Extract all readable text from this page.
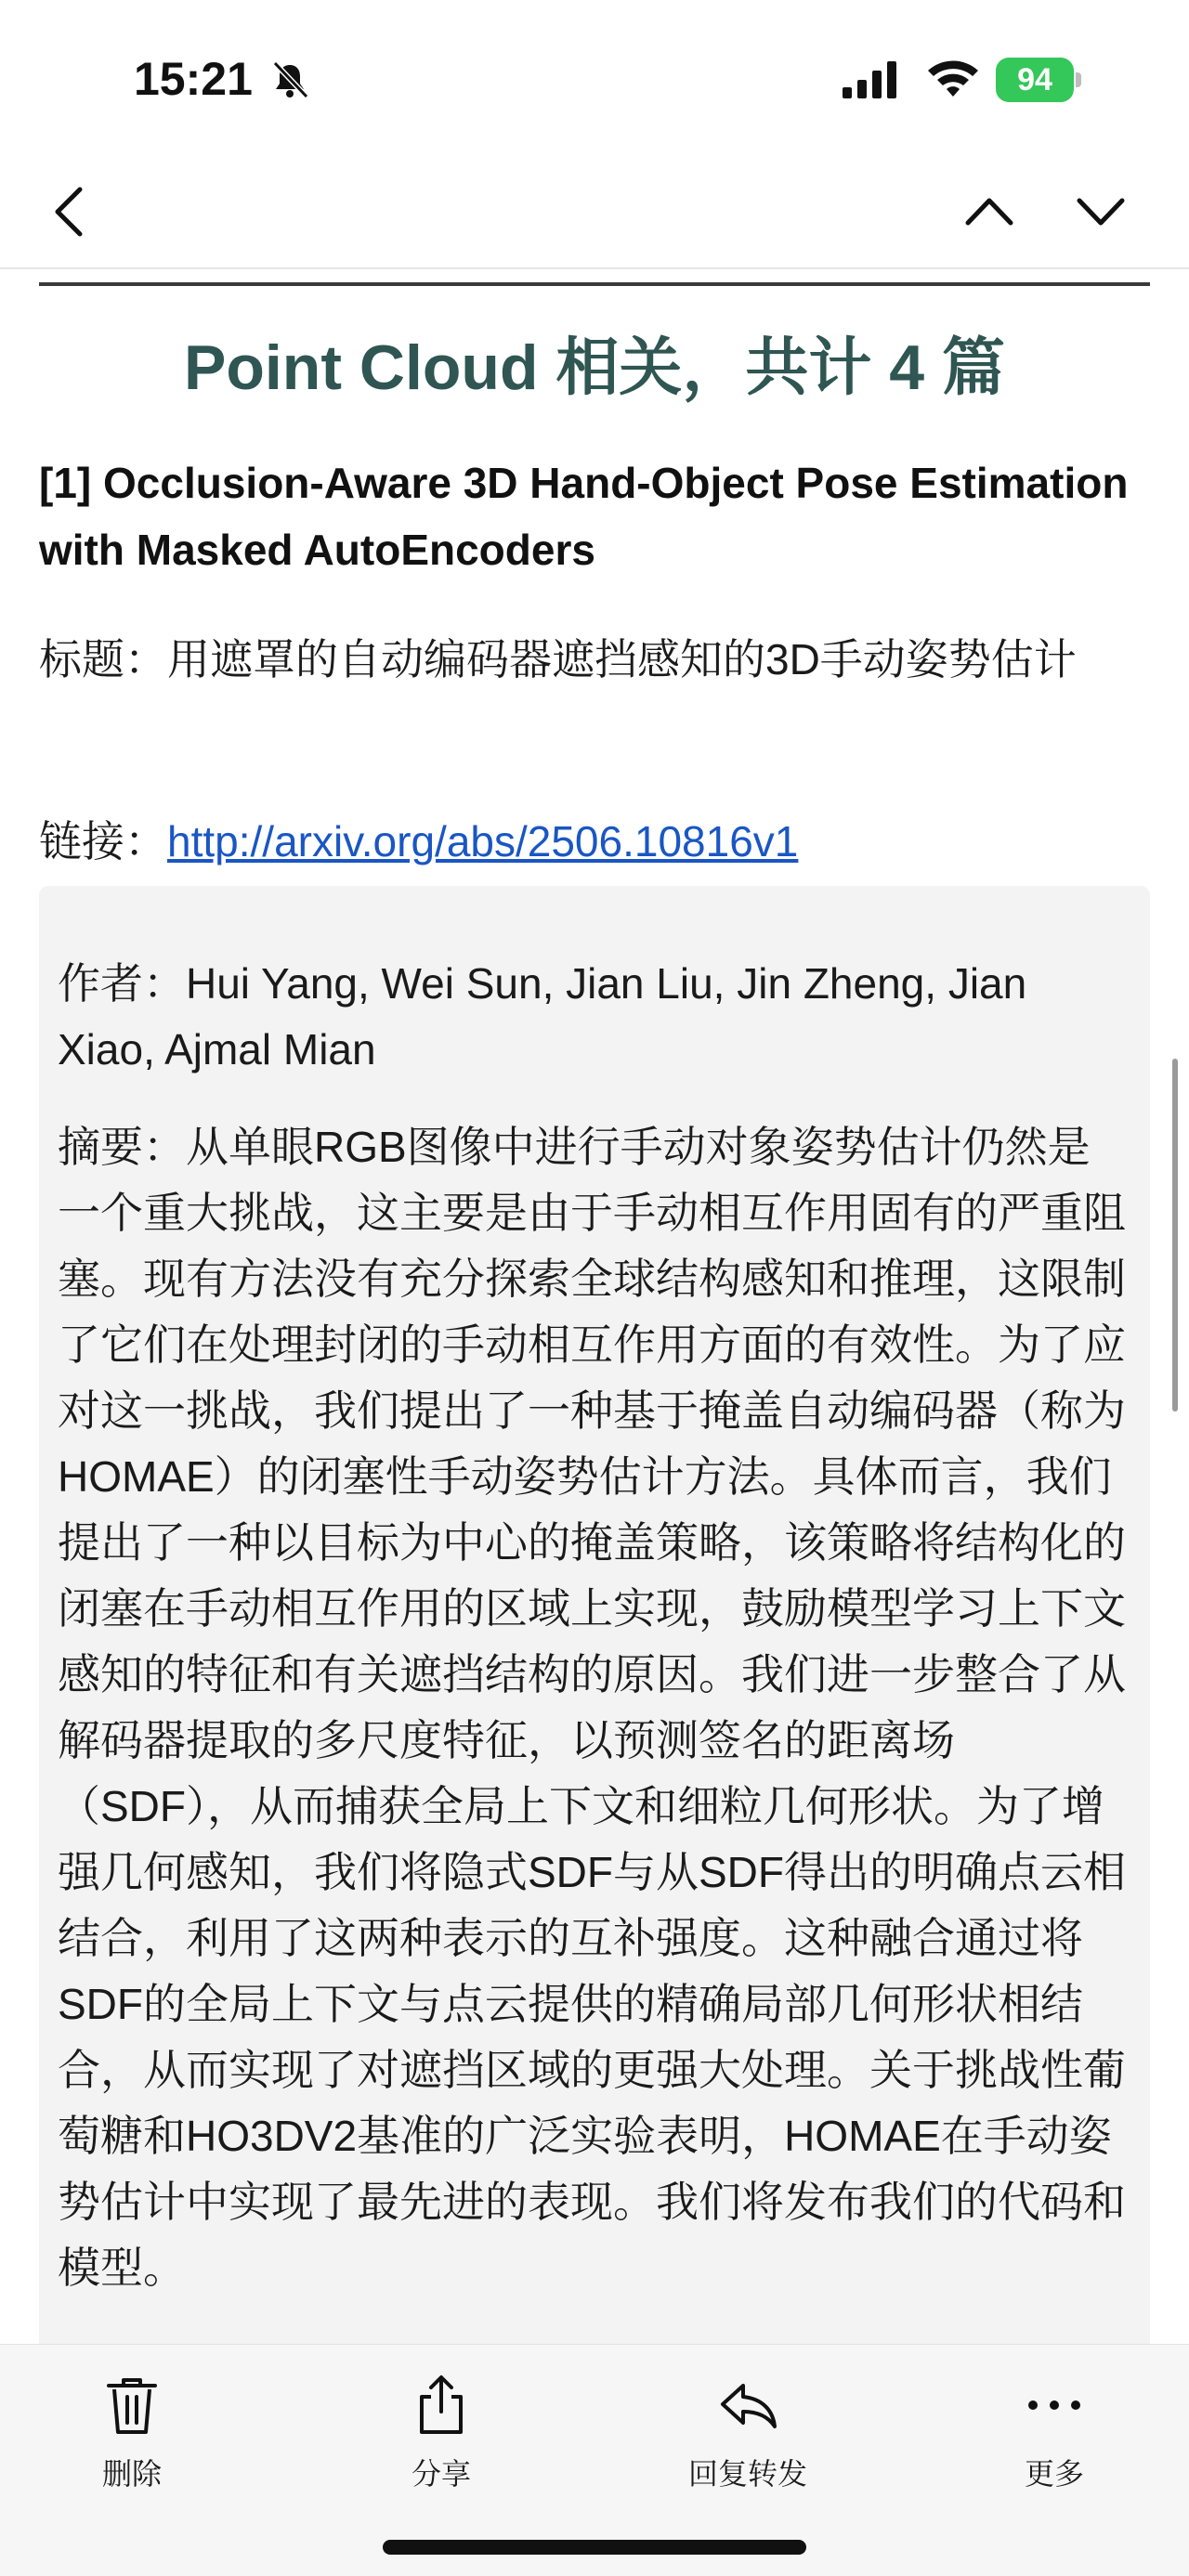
15:21	94
Point Cloud 相关，共计 4 篇
[1] Occlusion-Aware 3D Hand-Object Pose Estimation with Masked AutoEncoders
标题：用遮罩的自动编码器遮挡感知的3D手动姿势估计
链接：http://arxiv.org/abs/2506.10816v1

作者：Hui Yang, Wei Sun, Jian Liu, Jin Zheng, Jian Xiao, Ajmal Mian

摘要：从单眼RGB图像中进行手动对象姿势估计仍然是一个重大挑战，这主要是由于手动相互作用固有的严重阻塞。现有方法没有充分探索全球结构感知和推理，这限制了它们在处理封闭的手动相互作用方面的有效性。为了应对这一挑战，我们提出了一种基于掩盖自动编码器（称为HOMAE）的闭塞性手动姿势估计方法。具体而言，我们提出了一种以目标为中心的掩盖策略，该策略将结构化的闭塞在手动相互作用的区域上实现，鼓励模型学习上下文感知的特征和有关遮挡结构的原因。我们进一步整合了从解码器提取的多尺度特征，以预测签名的距离场（SDF），从而捕获全局上下文和细粒几何形状。为了增强几何感知，我们将隐式SDF与从SDF得出的明确点云相结合，利用了这两种表示的互补强度。这种融合通过将SDF的全局上下文与点云提供的精确局部几何形状相结合，从而实现了对遮挡区域的更强大处理。关于挑战性葡萄糖和HO3DV2基准的广泛实验表明，HOMAE在手动姿势估计中实现了最先进的表现。我们将发布我们的代码和模型。

删除	分享	回复转发	更多
